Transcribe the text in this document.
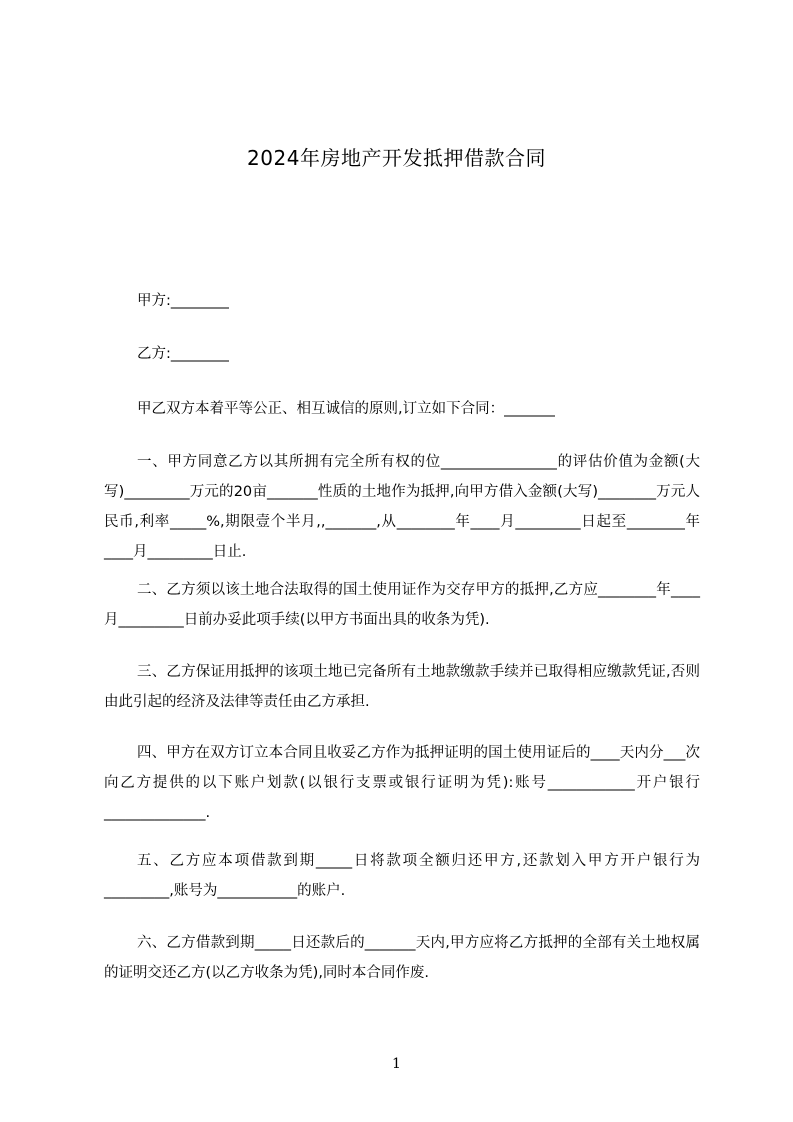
2024年房地产开发抵押借款合同
甲方:________
乙方:________
甲乙双方本着平等公正、相互诚信的原则,订立如下合同：_______
一、甲方同意乙方以其所拥有完全所有权的位________________的评估价值为金额(大写)_________万元的20亩_______性质的土地作为抵押,向甲方借入金额(大写)________万元人民币,利率_____%,期限壹个半月,,_______,从________年____月_________日起至________年____月_________日止.
二、乙方须以该土地合法取得的国土使用证作为交存甲方的抵押,乙方应________年____月_________日前办妥此项手续(以甲方书面出具的收条为凭).
三、乙方保证用抵押的该项土地已完备所有土地款缴款手续并已取得相应缴款凭证,否则由此引起的经济及法律等责任由乙方承担.
四、甲方在双方订立本合同且收妥乙方作为抵押证明的国土使用证后的____天内分___次向乙方提供的以下账户划款(以银行支票或银行证明为凭):账号____________开户银行______________.
五、乙方应本项借款到期_____日将款项全额归还甲方,还款划入甲方开户银行为_________,账号为___________的账户.
六、乙方借款到期_____日还款后的_______天内,甲方应将乙方抵押的全部有关土地权属的证明交还乙方(以乙方收条为凭),同时本合同作废.
1
